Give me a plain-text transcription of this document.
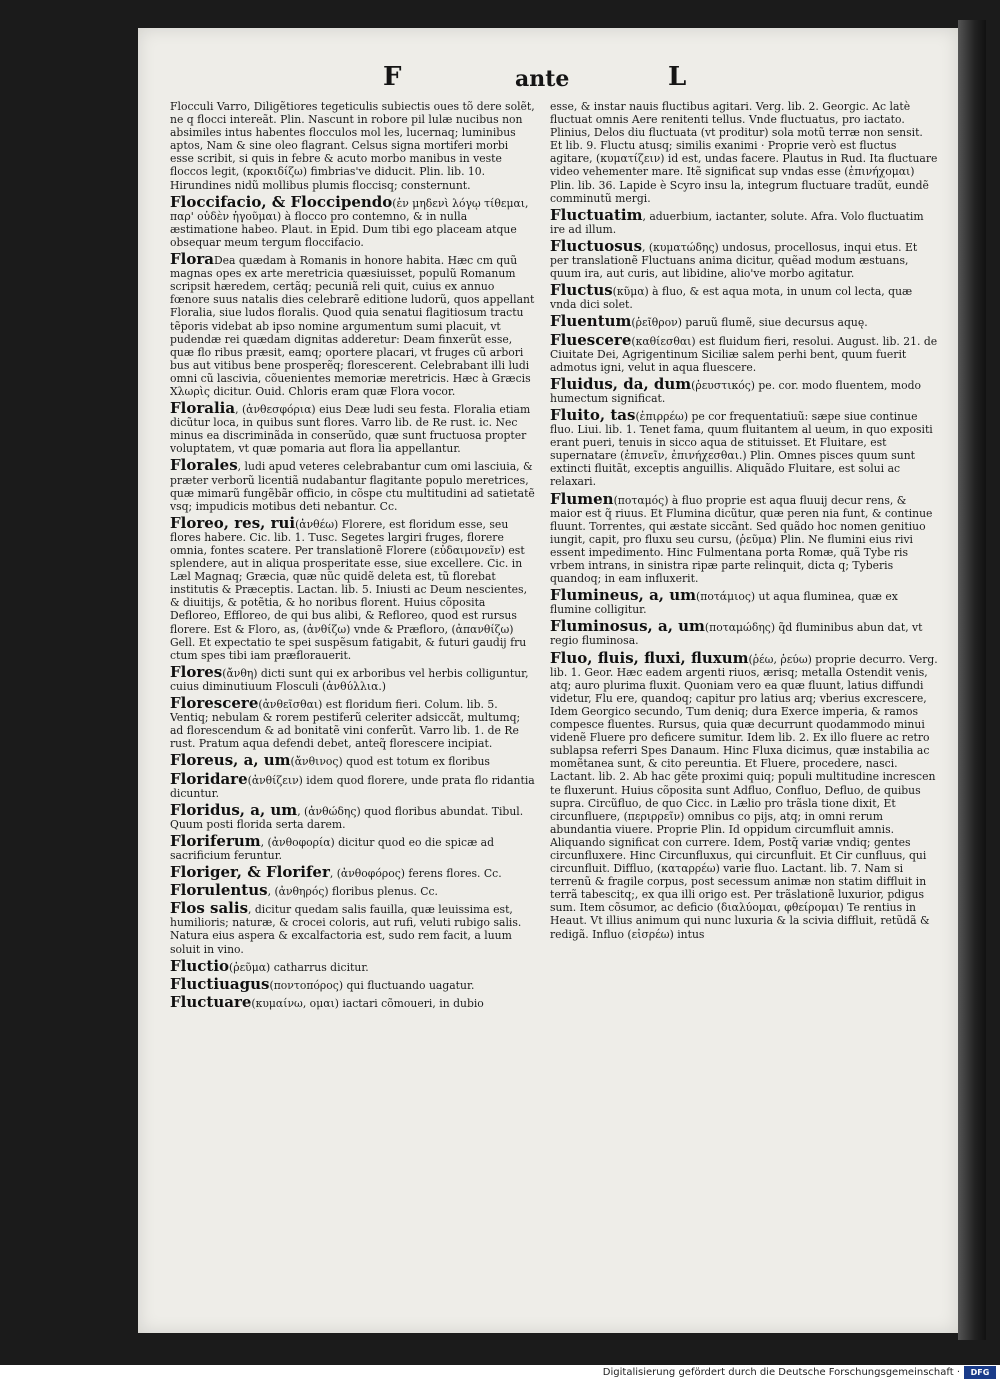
F	ante	L
Flocculi Varro, Diligẽtiores tegeticulis subiectis oues tõ dere solẽt, ne q flocci intereãt. Plin. Nascunt in robore pil lulæ nucibus non absimiles intus habentes flocculos mol les, lucernaq; luminibus aptos, Nam & sine oleo flagrant. Celsus signa mortiferi morbi esse scribit, si quis in febre & acuto morbo manibus in veste floccos legit, (κροκιδίζω) fimbrias've diducit. Plin. lib. 10. Hirundines nidũ mollibus plumis floccisq; consternunt.
Floccifacio, & Floccipendo(ἐν μηδενὶ λόγῳ τίθεμαι, παρ' οὐδὲν ἡγοῦμαι) à flocco pro contemno, & in nulla æstimatione habeo. Plaut. in Epid. Dum tibi ego placeam atque obsequar meum tergum floccifacio.
FloraDea quædam à Romanis in honore habita. Hæc cm quũ magnas opes ex arte meretricia quæsiuisset, populũ Romanum scripsit hæredem, certãq; pecuniã reli quit, cuius ex annuo fœnore suus natalis dies celebrarẽ editione ludorũ, quos appellant Floralia, siue ludos floralis. Quod quia senatui flagitiosum tractu tẽporis videbat ab ipso nomine argumentum sumi placuit, vt pudendæ rei quædam dignitas adderetur: Deam finxerũt esse, quæ flo ribus præsit, eamq; oportere placari, vt fruges cũ arbori bus aut vitibus bene prosperẽq; florescerent. Celebrabant illi ludi omni cũ lascivia, cõuenientes memoriæ meretricis. Hæc à Græcis Χλωρὶς dicitur. Ouid. Chloris eram quæ Flora vocor.
Floralia, (ἀνθεσφόρια) eius Deæ ludi seu festa. Floralia etiam dicũtur loca, in quibus sunt flores. Varro lib. de Re rust. ic. Nec minus ea discriminãda in conserũdo, quæ sunt fructuosa propter voluptatem, vt quæ pomaria aut flora lia appellantur.
Florales, ludi apud veteres celebrabantur cum omi lasciuia, & præter verborũ licentiã nudabantur flagitante populo meretrices, quæ mimarũ fungẽbãr officio, in cõspe ctu multitudini ad satietatẽ vsq; impudicis motibus deti nebantur. Cc.
Floreo, res, rui(ἀνθέω) Florere, est floridum esse, seu flores habere. Cic. lib. 1. Tusc. Segetes largiri fruges, florere omnia, fontes scatere. Per translationẽ Florere (εὐδαιμονεῖν) est splendere, aut in aliqua prosperitate esse, siue excellere. Cic. in Læl Magnaq; Græcia, quæ nũc quidẽ deleta est, tũ florebat institutis & Præceptis. Lactan. lib. 5. Iniusti ac Deum nescientes, & diuitijs, & potẽtia, & ho noribus florent. Huius cõposita Defloreo, Effloreo, de qui bus alibi, & Refloreo, quod est rursus florere. Est & Floro, as, (ἀνθίζω) vnde & Præfloro, (ἀπανθίζω) Gell. Et expectatio te spei suspẽsum fatigabit, & futuri gaudij fru ctum spes tibi iam præflorauerit.
Flores(ἄνθη) dicti sunt qui ex arboribus vel herbis colliguntur, cuius diminutiuum Flosculi (ἀνθύλλια.)
Florescere(ἀνθεῖσθαι) est floridum fieri. Colum. lib. 5. Ventiq; nebulam & rorem pestiferũ celeriter adsiccãt, multumq; ad florescendum & ad bonitatẽ vini conferũt. Varro lib. 1. de Re rust. Pratum aqua defendi debet, anteq̃ florescere incipiat.
Floreus, a, um(ἄνθινος) quod est totum ex floribus
Floridare(ἀνθίζειν) idem quod florere, unde prata flo ridantia dicuntur.
Floridus, a, um, (ἀνθώδης) quod floribus abundat. Tibul. Quum posti florida serta darem.
Floriferum, (ἀνθοφορία) dicitur quod eo die spicæ ad sacrificium feruntur.
Floriger, & Florifer, (ἀνθοφόρος) ferens flores. Cc.
Florulentus, (ἀνθηρός) floribus plenus. Cc.
Flos salis, dicitur quedam salis fauilla, quæ leuissima est, humilioris; naturæ, & crocei coloris, aut rufi, veluti rubigo salis. Natura eius aspera & excalfactoria est, sudo rem facit, a luum soluit in vino.
Fluctio(ῥεῦμα) catharrus dicitur.
Fluctiuagus(ποντοπόρος) qui fluctuando uagatur.
Fluctuare(κυμαίνω, ομαι) iactari cõmoueri, in dubio
esse, & instar nauis fluctibus agitari. Verg. lib. 2. Georgic. Ac latè fluctuat omnis Aere renitenti tellus. Vnde fluctuatus, pro iactato. Plinius, Delos diu fluctuata (vt proditur) sola motũ terræ non sensit. Et lib. 9. Fluctu atusq; similis exanimi · Proprie verò est fluctus agitare, (κυματίζειν) id est, undas facere. Plautus in Rud. Ita fluctuare video vehementer mare. Itẽ significat sup vndas esse (ἐπινήχομαι) Plin. lib. 36. Lapide è Scyro insu la, integrum fluctuare tradũt, eundẽ comminutũ mergi.
Fluctuatim, aduerbium, iactanter, solute. Afra. Volo fluctuatim ire ad illum.
Fluctuosus, (κυματώδης) undosus, procellosus, inqui etus. Et per translationẽ Fluctuans anima dicitur, quẽad modum æstuans, quum ira, aut curis, aut libidine, alio've morbo agitatur.
Fluctus(κῦμα) à fluo, & est aqua mota, in unum col lecta, quæ vnda dici solet.
Fluentum(ῥεῖθρον) paruũ flumẽ, siue decursus aquę.
Fluescere(καθίεσθαι) est fluidum fieri, resolui. August. lib. 21. de Ciuitate Dei, Agrigentinum Siciliæ salem perhi bent, quum fuerit admotus igni, velut in aqua fluescere.
Fluidus, da, dum(ῥευστικός) pe. cor. modo fluentem, modo humectum significat.
Fluito, tas(ἐπιρρέω) pe cor frequentatiuũ: sæpe siue continue fluo. Liui. lib. 1. Tenet fama, quum fluitantem al ueum, in quo expositi erant pueri, tenuis in sicco aqua de stituisset. Et Fluitare, est supernatare (ἐπινεῖν, ἐπινήχεσθαι.) Plin. Omnes pisces quum sunt extincti fluitãt, exceptis anguillis. Aliquãdo Fluitare, est solui ac relaxari.
Flumen(ποταμός) à fluo proprie est aqua fluuij decur rens, & maior est q̃ riuus. Et Flumina dicũtur, quæ peren nia funt, & continue fluunt. Torrentes, qui æstate siccãnt. Sed quãdo hoc nomen genitiuo iungit, capit, pro fluxu seu cursu, (ῥεῦμα) Plin. Ne flumini eius rivi essent impedimento. Hinc Fulmentana porta Romæ, quã Tybe ris vrbem intrans, in sinistra ripæ parte relinquit, dicta q; Tyberis quandoq; in eam influxerit.
Flumineus, a, um(ποτάμιος) ut aqua fluminea, quæ ex flumine colligitur.
Fluminosus, a, um(ποταμώδης) q̃d fluminibus abun dat, vt regio fluminosa.
Fluo, fluis, fluxi, fluxum(ῥέω, ῥεύω) proprie decurro. Verg. lib. 1. Geor. Hæc eadem argenti riuos, ærisq; metalla Ostendit venis, atq; auro plurima fluxit. Quoniam vero ea quæ fluunt, latius diffundi videtur, Flu ere, quandoq; capitur pro latius arq; vberius excrescere, Idem Georgico secundo, Tum deniq; dura Exerce imperia, & ramos compesce fluentes. Rursus, quia quæ decurrunt quodammodo minui videnẽ Fluere pro deficere sumitur. Idem lib. 2. Ex illo fluere ac retro sublapsa referri Spes Danaum. Hinc Fluxa dicimus, quæ instabilia ac momẽtanea sunt, & cito pereuntia. Et Fluere, procedere, nasci. Lactant. lib. 2. Ab hac gẽte proximi quiq; populi multitudine increscen te fluxerunt. Huius cõposita sunt Adfluo, Confluo, Defluo, de quibus supra. Circũfluo, de quo Cicc. in Lælio pro trãsla tione dixit, Et circunfluere, (περιρρεῖν) omnibus co pijs, atq; in omni rerum abundantia viuere. Proprie Plin. Id oppidum circumfluit amnis. Aliquando significat con currere. Idem, Postq̃ variæ vndiq; gentes circunfluxere. Hinc Circunfluxus, qui circunfluit. Et Cir cunfluus, qui circunfluit. Diffluo, (καταρρέω) varie fluo. Lactant. lib. 7. Nam si terrenũ & fragile corpus, post secessum animæ non statim diffluit in terrã tabescitq;, ex qua illi origo est. Per trãslationẽ luxurior, pdigus sum. Item cõsumor, ac deficio (διαλύομαι, φθείρομαι) Te rentius in Heaut. Vt illius animum qui nunc luxuria & la scivia diffluit, retũdã & redigã. Influo (εἰσρέω) intus
Digitalisierung gefördert durch die Deutsche Forschungsgemeinschaft ·	DFG
